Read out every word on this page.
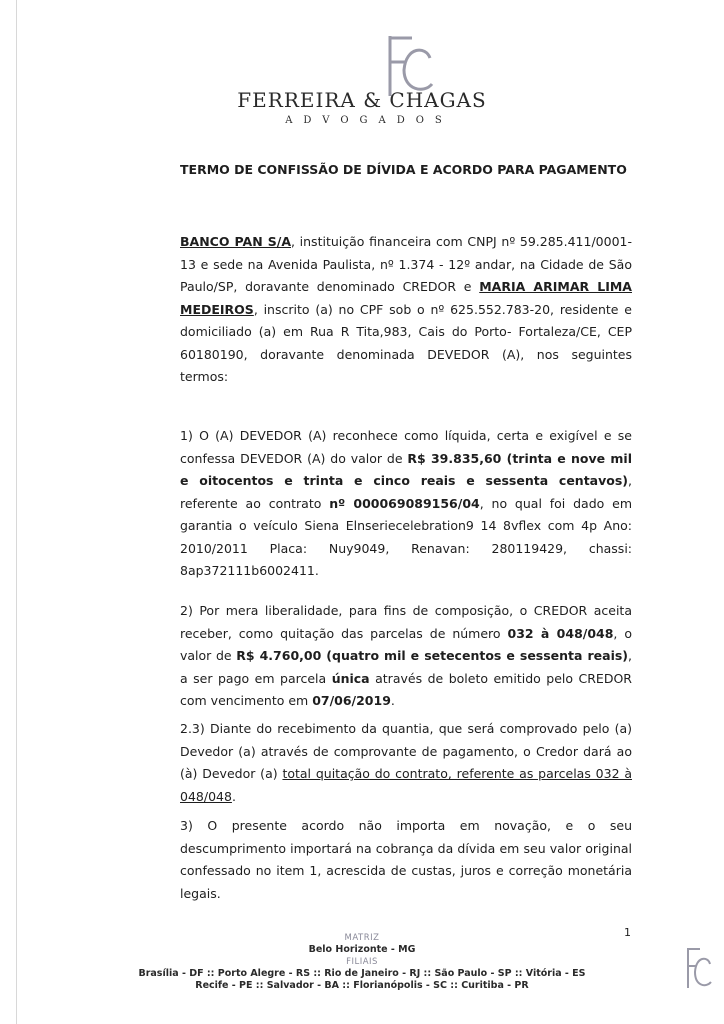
FERREIRA & CHAGAS
ADVOGADOS
TERMO DE CONFISSÃO DE DÍVIDA E ACORDO PARA PAGAMENTO
BANCO PAN S/A, instituição financeira com CNPJ nº 59.285.411/0001-13 e sede na Avenida Paulista, nº 1.374 - 12º andar, na Cidade de São Paulo/SP, doravante denominado CREDOR e MARIA ARIMAR LIMA MEDEIROS, inscrito (a) no CPF sob o nº 625.552.783-20, residente e domiciliado (a) em Rua R Tita,983, Cais do Porto- Fortaleza/CE, CEP 60180190, doravante denominada DEVEDOR (A), nos seguintes termos:
1) O (A) DEVEDOR (A) reconhece como líquida, certa e exigível e se confessa DEVEDOR (A) do valor de R$ 39.835,60 (trinta e nove mil e oitocentos e trinta e cinco reais e sessenta centavos), referente ao contrato nº 000069089156/04, no qual foi dado em garantia o veículo Siena Elnseriecelebration9 14 8vflex com 4p Ano: 2010/2011 Placa: Nuy9049, Renavan: 280119429, chassi: 8ap372111b6002411.
2) Por mera liberalidade, para fins de composição, o CREDOR aceita receber, como quitação das parcelas de número 032 à 048/048, o valor de R$ 4.760,00 (quatro mil e setecentos e sessenta reais), a ser pago em parcela única através de boleto emitido pelo CREDOR com vencimento em 07/06/2019.
2.3) Diante do recebimento da quantia, que será comprovado pelo (a) Devedor (a) através de comprovante de pagamento, o Credor dará ao (à) Devedor (a) total quitação do contrato, referente as parcelas 032 à 048/048.
3) O presente acordo não importa em novação, e o seu descumprimento importará na cobrança da dívida em seu valor original confessado no item 1, acrescida de custas, juros e correção monetária legais.
1
MATRIZ
Belo Horizonte - MG
FILIAIS
Brasília - DF :: Porto Alegre - RS :: Rio de Janeiro - RJ :: São Paulo - SP :: Vitória - ES
Recife - PE :: Salvador - BA :: Florianópolis - SC :: Curitiba - PR
